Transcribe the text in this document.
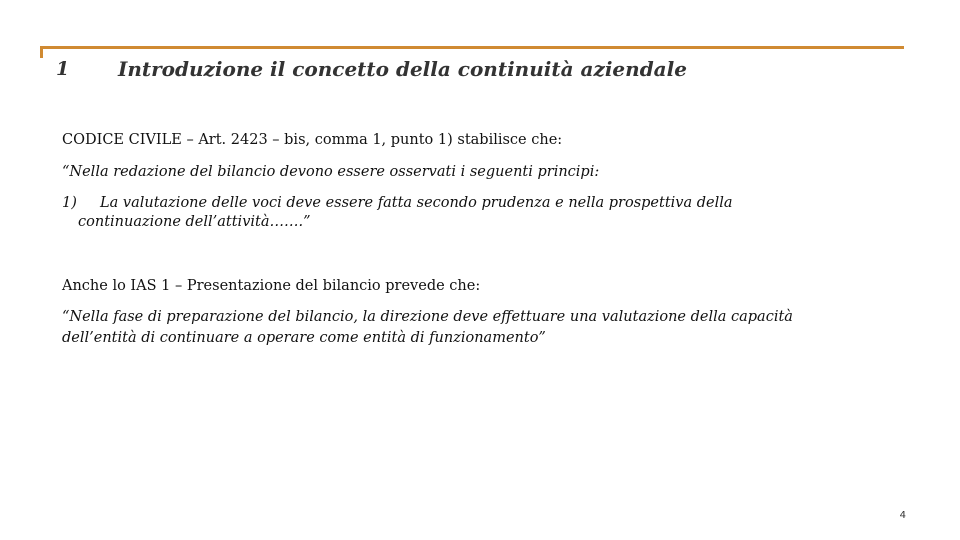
1 Introduzione il concetto della continuità aziendale
CODICE CIVILE – Art. 2423 – bis, comma 1, punto 1) stabilisce che:
“Nella redazione del bilancio devono essere osservati i seguenti principi:
1) La valutazione delle voci deve essere fatta secondo prudenza e nella prospettiva della
continuazione dell’attività…….”
Anche lo IAS 1 – Presentazione del bilancio prevede che:
“Nella fase di preparazione del bilancio, la direzione deve effettuare una valutazione della capacità
dell’entità di continuare a operare come entità di funzionamento”
4
